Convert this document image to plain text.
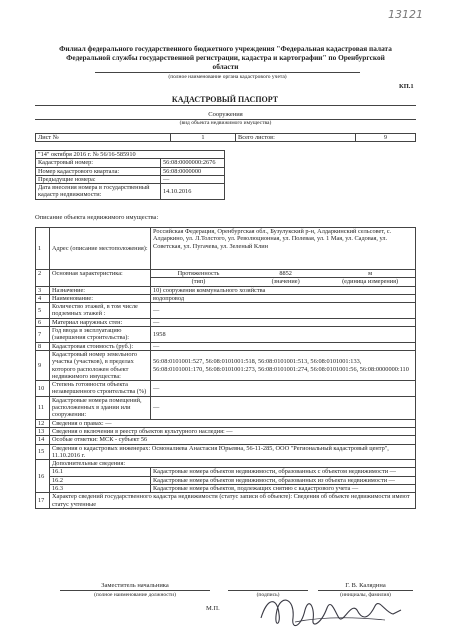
13121
Филиал федерального государственного бюджетного учреждения "Федеральная кадастровая палата
Федеральной службы государственной регистрации, кадастра и картографии" по Оренбургской
области
(полное наименование органа кадастрового учета)
КП.1
КАДАСТРОВЫЙ ПАСПОРТ
Сооружения
(вид объекта недвижимого имущества)
Лист №	1	Всего листов:	9
"14" октября 2016 г. № 56/16-585910	
Кадастровый номер:	56:08:0000000:2676
Номер кадастрового квартала:	56:08:0000000
Предыдущие номера:	—
Дата внесения номера в государственный кадастр недвижимости:	14.10.2016
Описание объекта недвижимого имущества:
1	Адрес (описание местоположения):	Российская Федерация, Оренбургская обл., Бузулукский р-н, Алдаркинский сельсовет, с. Алдаркино, ул. Л.Толстого, ул. Революционная, ул. Полевая, ул. 1 Мая, ул. Садовая, ул. Советская, ул. Пугачева, ул. Зеленый Клин
2	Основная характеристика:		Протяженность	8852	м
(тип)	(значение)	(единица измерения)

3	Назначение:	10) сооружения коммунального хозяйства
4	Наименование:	водопровод
5	Количество этажей, в том числе подземных этажей :	—
6	Материал наружных стен:	—
7	Год ввода в эксплуатацию (завершения строительства):	1958
8	Кадастровая стоимость (руб.):	—
9	Кадастровый номер земельного участка (участков), в пределах которого расположен объект недвижимого имущества:	56:08:0101001:527, 56:08:0101001:518, 56:08:0101001:513, 56:08:0101001:133, 56:08:0101001:170, 56:08:0101001:273, 56:08:0101001:274, 56:08:0101001:56, 56:08:0000000:110
10	Степень готовности объекта незавершенного строительства (%)	—
11	Кадастровые номера помещений, расположенных в здании или сооружении:	—
12	Сведения о правах: —
13	Сведения о включении в реестр объектов культурного наследия: —
14	Особые отметки: МСК - субъект 56
15	Сведения о кадастровых инженерах: Осмоналиева Анастасия Юрьевна, 56-11-285, ООО "Региональный кадастровый центр", 11.10.2016 г.
16	Дополнительные сведения:
16.1	Кадастровые номера объектов недвижимости, образованных с объектом недвижимости —
16.2	Кадастровые номера объектов недвижимости, образованных из объекта недвижимости —
16.3	Кадастровые номера объектов, подлежащих снятию с кадастрового учета —
17	Характер сведений государственного кадастра недвижимости (статус записи об объекте): Сведения об объекте недвижимости имеют статус учтенные
Заместитель начальника
(полное наименование должности)	(подпись)
Г. В. Каляднна
(инициалы, фамилия)
М.П.
